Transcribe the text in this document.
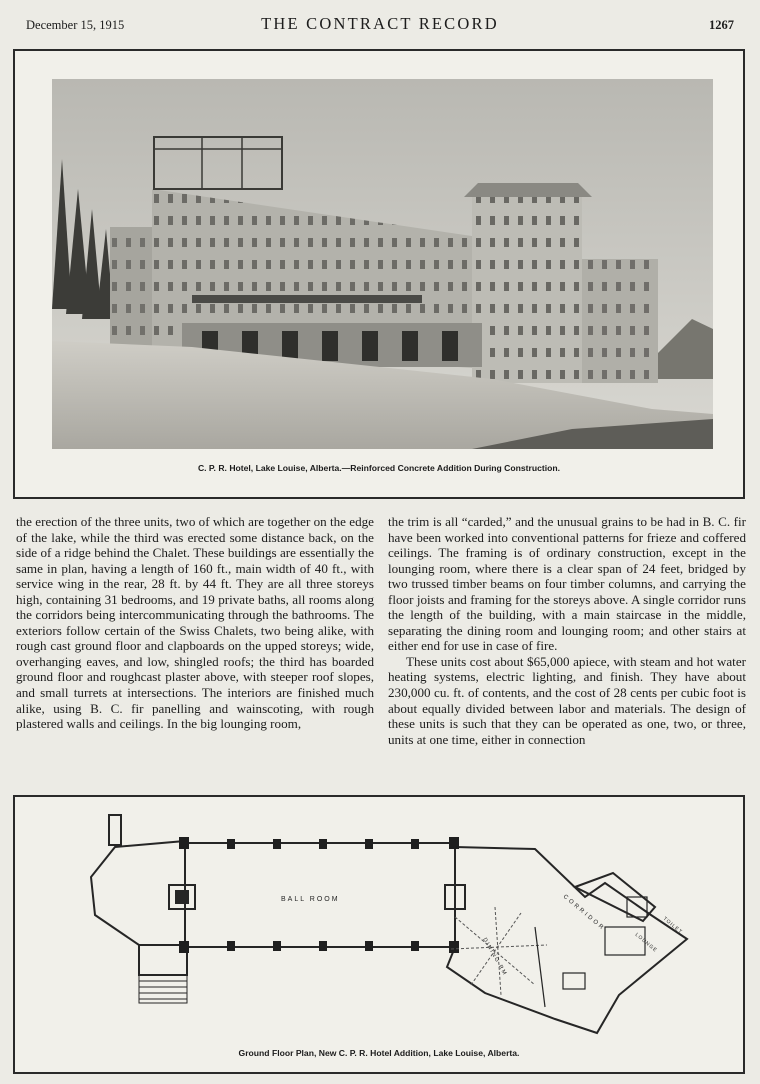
December 15, 1915	THE CONTRACT RECORD	1267
C. P. R. Hotel, Lake Louise, Alberta.—Reinforced Concrete Addition During Construction.

the erection of the three units, two of which are together on the edge of the lake, while the third was erected some distance back, on the side of a ridge behind the Chalet. These buildings are essentially the same in plan, having a length of 160 ft., main width of 40 ft., with service wing in the rear, 28 ft. by 44 ft. They are all three storeys high, containing 31 bedrooms, and 19 private baths, all rooms along the corridors being intercommunicating through the bathrooms. The exteriors follow certain of the Swiss Chalets, two being alike, with rough cast ground floor and clapboards on the upped storeys; wide, overhanging eaves, and low, shingled roofs; the third has boarded ground floor and roughcast plaster above, with steeper roof slopes, and small turrets at intersections. The interiors are finished much alike, using B. C. fir panelling and wainscoting, with rough plastered walls and ceilings. In the big lounging room,

the trim is all “carded,” and the unusual grains to be had in B. C. fir have been worked into conventional patterns for frieze and coffered ceilings. The framing is of ordinary construction, except in the lounging room, where there is a clear span of 24 feet, bridged by two trussed timber beams on four timber columns, and carrying the floor joists and framing for the storeys above. A single corridor runs the length of the building, with a main staircase in the middle, separating the dining room and lounging room; and other stairs at either end for use in case of fire.

These units cost about $65,000 apiece, with steam and hot water heating systems, electric lighting, and finish. They have about 230,000 cu. ft. of contents, and the cost of 28 cents per cubic foot is about equally divided between labor and materials. The design of these units is such that they can be operated as one, two, or three, units at one time, either in connection

BALL ROOM	CORRIDOR	TOILET
LOUNGE
DINING RM
Ground Floor Plan, New C. P. R. Hotel Addition, Lake Louise, Alberta.
